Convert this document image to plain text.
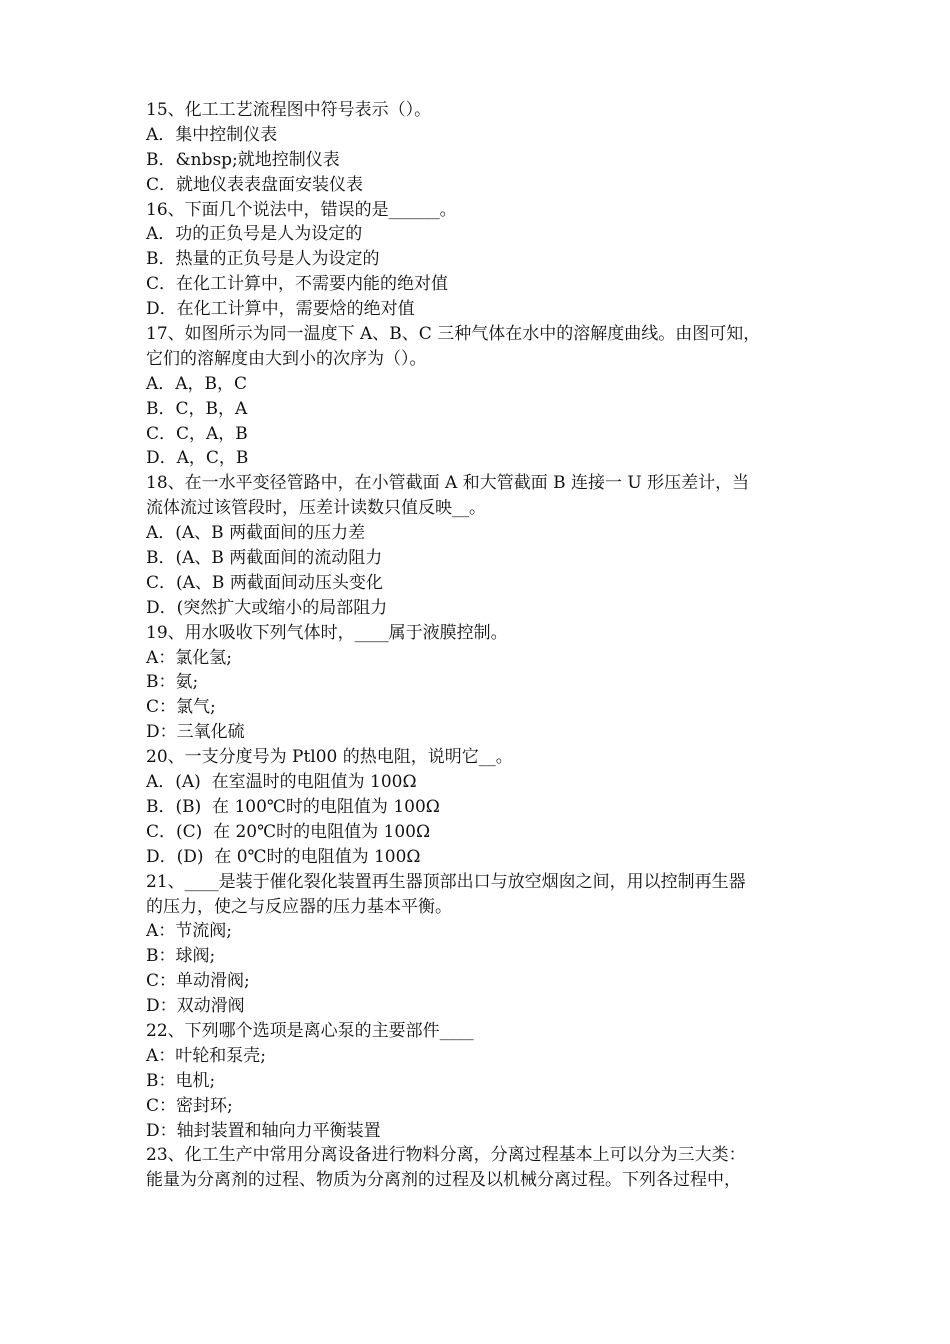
15、化工工艺流程图中符号表示（）。
A．集中控制仪表
B．&nbsp;就地控制仪表
C．就地仪表表盘面安装仪表
16、下面几个说法中，错误的是______。
A．功的正负号是人为设定的
B．热量的正负号是人为设定的
C．在化工计算中，不需要内能的绝对值
D．在化工计算中，需要焓的绝对值
17、如图所示为同一温度下 A、B、C 三种气体在水中的溶解度曲线。由图可知，
它们的溶解度由大到小的次序为（）。
A．A，B，C
B．C，B，A
C．C，A，B
D．A，C，B
18、在一水平变径管路中，在小管截面 A 和大管截面 B 连接一 U 形压差计，当
流体流过该管段时，压差计读数只值反映__。
A．(A、B 两截面间的压力差
B．(A、B 两截面间的流动阻力
C．(A、B 两截面间动压头变化
D．(突然扩大或缩小的局部阻力
19、用水吸收下列气体时，____属于液膜控制。
A：氯化氢;
B：氨;
C：氯气;
D：三氧化硫
20、一支分度号为 Ptl00 的热电阻，说明它__。
A．(A)  在室温时的电阻值为 100Ω
B．(B)  在 100℃时的电阻值为 100Ω
C．(C)  在 20℃时的电阻值为 100Ω
D．(D)  在 0℃时的电阻值为 100Ω
21、____是装于催化裂化装置再生器顶部出口与放空烟囱之间，用以控制再生器
的压力，使之与反应器的压力基本平衡。
A：节流阀;
B：球阀;
C：单动滑阀;
D：双动滑阀
22、下列哪个选项是离心泵的主要部件____
A：叶轮和泵壳;
B：电机;
C：密封环;
D：轴封装置和轴向力平衡装置
23、化工生产中常用分离设备进行物料分离，分离过程基本上可以分为三大类：
能量为分离剂的过程、物质为分离剂的过程及以机械分离过程。下列各过程中，
